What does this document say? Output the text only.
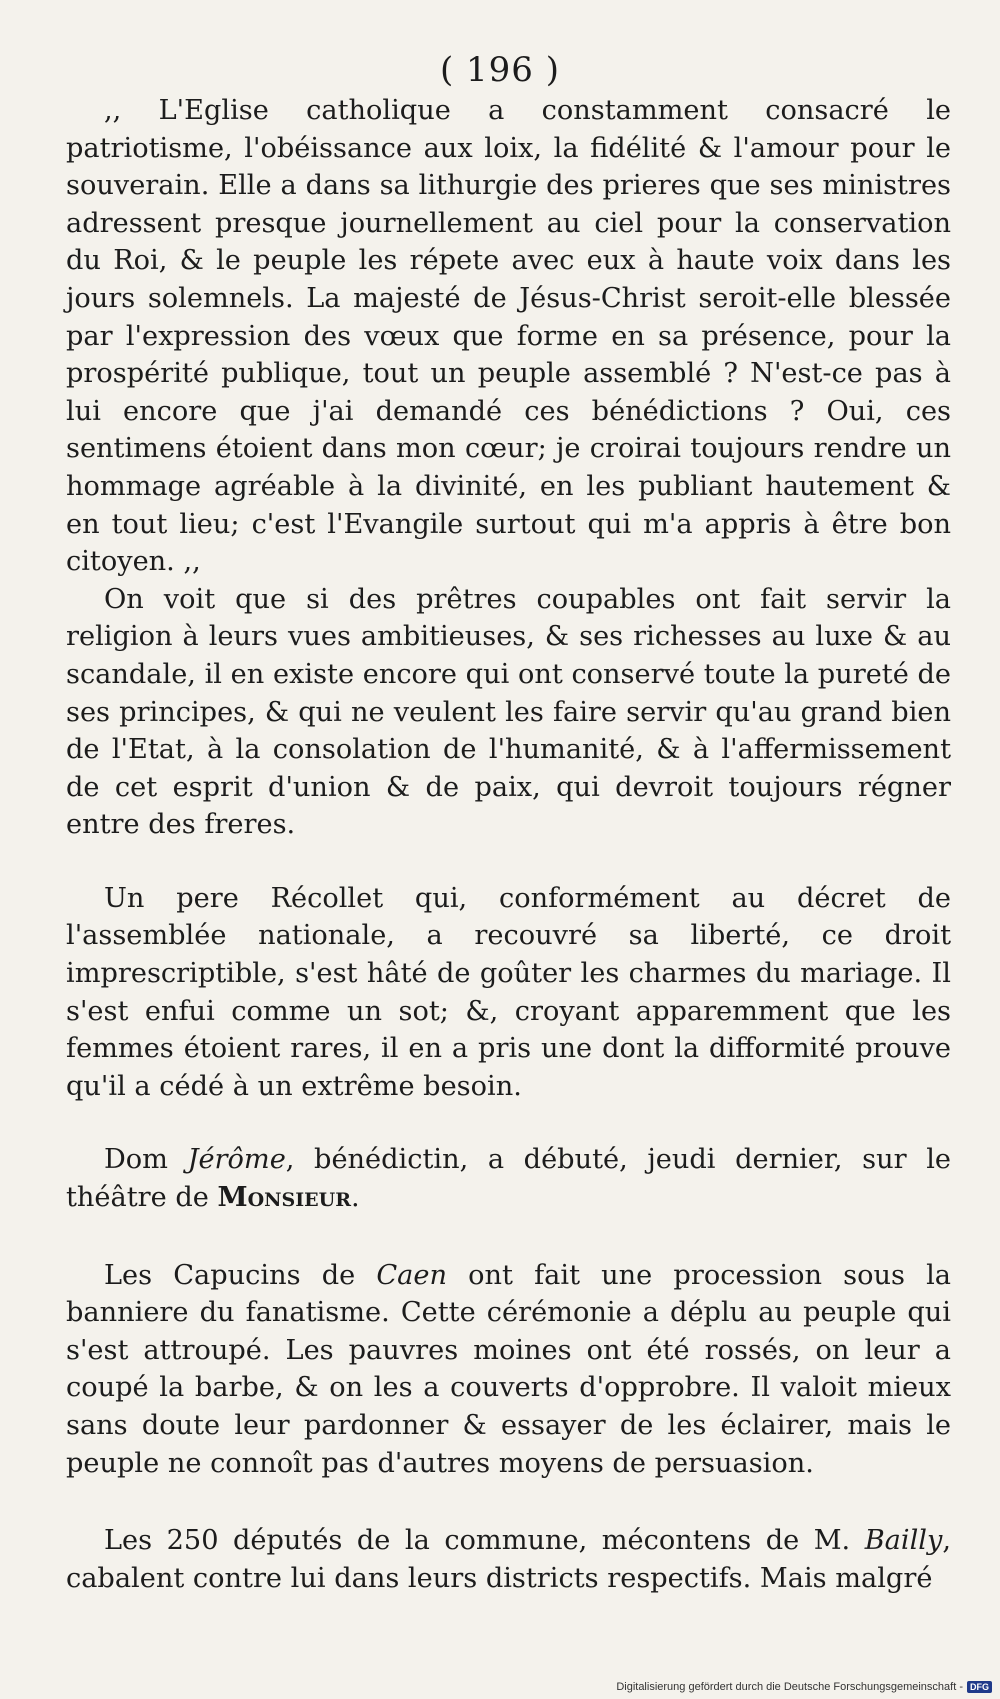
( 196 )

,, L'Eglise catholique a constamment consacré le patriotisme, l'obéissance aux loix, la fidélité & l'amour pour le souverain. Elle a dans sa lithurgie des prieres que ses ministres adressent presque journellement au ciel pour la conservation du Roi, & le peuple les répete avec eux à haute voix dans les jours solemnels. La majesté de Jésus-Christ seroit-elle blessée par l'expression des vœux que forme en sa présence, pour la prospérité publique, tout un peuple assemblé ? N'est-ce pas à lui encore que j'ai demandé ces bénédictions ? Oui, ces sentimens étoient dans mon cœur; je croirai toujours rendre un hommage agréable à la divinité, en les publiant hautement & en tout lieu; c'est l'Evangile surtout qui m'a appris à être bon citoyen. ,,

On voit que si des prêtres coupables ont fait servir la religion à leurs vues ambitieuses, & ses richesses au luxe & au scandale, il en existe encore qui ont conservé toute la pureté de ses principes, & qui ne veulent les faire servir qu'au grand bien de l'Etat, à la consolation de l'humanité, & à l'affermissement de cet esprit d'union & de paix, qui devroit toujours régner entre des freres.

Un pere Récollet qui, conformément au décret de l'assemblée nationale, a recouvré sa liberté, ce droit imprescriptible, s'est hâté de goûter les charmes du mariage. Il s'est enfui comme un sot; &, croyant apparemment que les femmes étoient rares, il en a pris une dont la difformité prouve qu'il a cédé à un extrême besoin.

Dom Jérôme, bénédictin, a débuté, jeudi dernier, sur le théâtre de Monsieur.

Les Capucins de Caen ont fait une procession sous la banniere du fanatisme. Cette cérémonie a déplu au peuple qui s'est attroupé. Les pauvres moines ont été rossés, on leur a coupé la barbe, & on les a couverts d'opprobre. Il valoit mieux sans doute leur pardonner & essayer de les éclairer, mais le peuple ne connoît pas d'autres moyens de persuasion.

Les 250 députés de la commune, mécontens de M. Bailly, cabalent contre lui dans leurs districts respectifs. Mais malgré

Digitalisierung gefördert durch die Deutsche Forschungsgemeinschaft - DFG
